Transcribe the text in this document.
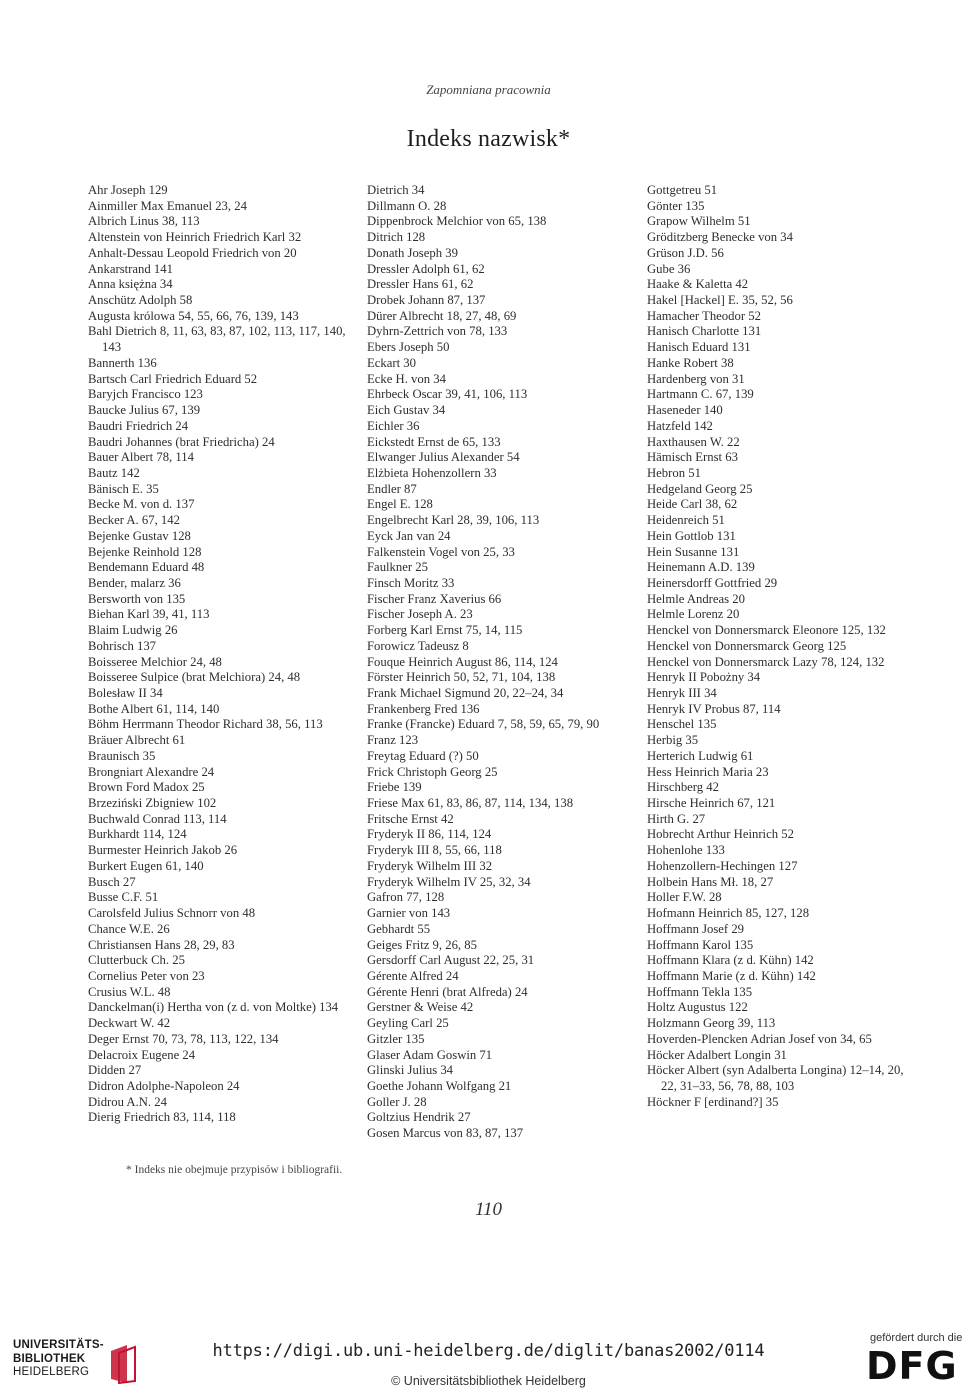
Zapomniana pracownia
Indeks nazwisk*
Ahr Joseph 129
Ainmiller Max Emanuel 23, 24
Albrich Linus 38, 113
Altenstein von Heinrich Friedrich Karl 32
Anhalt-Dessau Leopold Friedrich von 20
Ankarstrand 141
Anna księżna 34
Anschütz Adolph 58
Augusta królowa 54, 55, 66, 76, 139, 143
Bahl Dietrich 8, 11, 63, 83, 87, 102, 113, 117, 140, 143
Bannerth 136
Bartsch Carl Friedrich Eduard 52
Baryjch Francisco 123
Baucke Julius 67, 139
Baudri Friedrich 24
Baudri Johannes (brat Friedricha) 24
Bauer Albert 78, 114
Bautz 142
Bänisch E. 35
Becke M. von d. 137
Becker A. 67, 142
Bejenke Gustav 128
Bejenke Reinhold 128
Bendemann Eduard 48
Bender, malarz 36
Bersworth von 135
Biehan Karl 39, 41, 113
Blaim Ludwig 26
Bohrisch 137
Boisseree Melchior 24, 48
Boisseree Sulpice (brat Melchiora) 24, 48
Bolesław II 34
Bothe Albert 61, 114, 140
Böhm Herrmann Theodor Richard 38, 56, 113
Bräuer Albrecht 61
Braunisch 35
Brongniart Alexandre 24
Brown Ford Madox 25
Brzeziński Zbigniew 102
Buchwald Conrad 113, 114
Burkhardt 114, 124
Burmester Heinrich Jakob 26
Burkert Eugen 61, 140
Busch 27
Busse C.F. 51
Carolsfeld Julius Schnorr von 48
Chance W.E. 26
Christiansen Hans 28, 29, 83
Clutterbuck Ch. 25
Cornelius Peter von 23
Crusius W.L. 48
Danckelman(i) Hertha von (z d. von Moltke) 134
Deckwart W. 42
Deger Ernst 70, 73, 78, 113, 122, 134
Delacroix Eugene 24
Didden 27
Didron Adolphe-Napoleon 24
Didrou A.N. 24
Dierig Friedrich 83, 114, 118
Dietrich 34
Dillmann O. 28
Dippenbrock Melchior von 65, 138
Ditrich 128
Donath Joseph 39
Dressler Adolph 61, 62
Dressler Hans 61, 62
Drobek Johann 87, 137
Dürer Albrecht 18, 27, 48, 69
Dyhrn-Zettrich von 78, 133
Ebers Joseph 50
Eckart 30
Ecke H. von 34
Ehrbeck Oscar 39, 41, 106, 113
Eich Gustav 34
Eichler 36
Eickstedt Ernst de 65, 133
Elwanger Julius Alexander 54
Elżbieta Hohenzollern 33
Endler 87
Engel E. 128
Engelbrecht Karl 28, 39, 106, 113
Eyck Jan van 24
Falkenstein Vogel von 25, 33
Faulkner 25
Finsch Moritz 33
Fischer Franz Xaverius 66
Fischer Joseph A. 23
Forberg Karl Ernst 75, 14, 115
Forowicz Tadeusz 8
Fouque Heinrich August 86, 114, 124
Förster Heinrich 50, 52, 71, 104, 138
Frank Michael Sigmund 20, 22–24, 34
Frankenberg Fred 136
Franke (Francke) Eduard 7, 58, 59, 65, 79, 90
Franz 123
Freytag Eduard (?) 50
Frick Christoph Georg 25
Friebe 139
Friese Max 61, 83, 86, 87, 114, 134, 138
Fritsche Ernst 42
Fryderyk II 86, 114, 124
Fryderyk III 8, 55, 66, 118
Fryderyk Wilhelm III 32
Fryderyk Wilhelm IV 25, 32, 34
Gafron 77, 128
Garnier von 143
Gebhardt 55
Geiges Fritz 9, 26, 85
Gersdorff Carl August 22, 25, 31
Gérente Alfred 24
Gérente Henri (brat Alfreda) 24
Gerstner & Weise 42
Geyling Carl 25
Gitzler 135
Glaser Adam Goswin 71
Glinski Julius 34
Goethe Johann Wolfgang 21
Goller J. 28
Goltzius Hendrik 27
Gosen Marcus von 83, 87, 137
Gottgetreu 51
Gönter 135
Grapow Wilhelm 51
Gröditzberg Benecke von 34
Grüson J.D. 56
Gube 36
Haake & Kaletta 42
Hakel [Hackel] E. 35, 52, 56
Hamacher Theodor 52
Hanisch Charlotte 131
Hanisch Eduard 131
Hanke Robert 38
Hardenberg von 31
Hartmann C. 67, 139
Haseneder 140
Hatzfeld 142
Haxthausen W. 22
Hämisch Ernst 63
Hebron 51
Hedgeland Georg 25
Heide Carl 38, 62
Heidenreich 51
Hein Gottlob 131
Hein Susanne 131
Heinemann A.D. 139
Heinersdorff Gottfried 29
Helmle Andreas 20
Helmle Lorenz 20
Henckel von Donnersmarck Eleonore 125, 132
Henckel von Donnersmarck Georg 125
Henckel von Donnersmarck Lazy 78, 124, 132
Henryk II Pobożny 34
Henryk III 34
Henryk IV Probus 87, 114
Henschel 135
Herbig 35
Herterich Ludwig 61
Hess Heinrich Maria 23
Hirschberg 42
Hirsche Heinrich 67, 121
Hirth G. 27
Hobrecht Arthur Heinrich 52
Hohenlohe 133
Hohenzollern-Hechingen 127
Holbein Hans Mł. 18, 27
Holler F.W. 28
Hofmann Heinrich 85, 127, 128
Hoffmann Josef 29
Hoffmann Karol 135
Hoffmann Klara (z d. Kühn) 142
Hoffmann Marie (z d. Kühn) 142
Hoffmann Tekla 135
Holtz Augustus 122
Holzmann Georg 39, 113
Hoverden-Plencken Adrian Josef von 34, 65
Höcker Adalbert Longin 31
Höcker Albert (syn Adalberta Longina) 12–14, 20, 22, 31–33, 56, 78, 88, 103
Höckner F [erdinand?] 35
* Indeks nie obejmuje przypisów i bibliografii.
110
UNIVERSITÄTS-
BIBLIOTHEK
HEIDELBERG
https://digi.ub.uni-heidelberg.de/diglit/banas2002/0114
© Universitätsbibliothek Heidelberg
gefördert durch die
DFG
